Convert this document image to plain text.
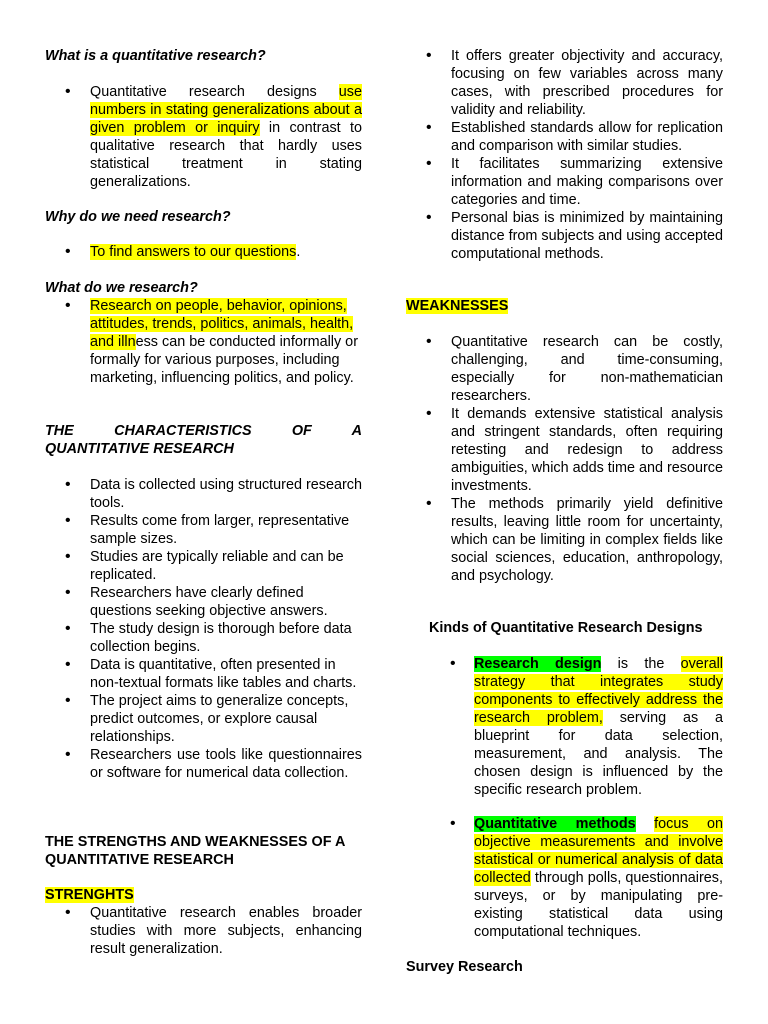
What is a quantitative research?

• Quantitative research designs use numbers in stating generalizations about a given problem or inquiry in contrast to qualitative research that hardly uses statistical treatment in stating generalizations.

Why do we need research?

• To find answers to our questions.

What do we research?

• Research on people, behavior, opinions, attitudes, trends, politics, animals, health, and illness can be conducted informally or formally for various purposes, including marketing, influencing politics, and policy.

THE CHARACTERISTICS OF A

QUANTITATIVE RESEARCH

• Data is collected using structured research tools.
• Results come from larger, representative sample sizes.
• Studies are typically reliable and can be replicated.
• Researchers have clearly defined questions seeking objective answers.
• The study design is thorough before data collection begins.
• Data is quantitative, often presented in non-textual formats like tables and charts.
• The project aims to generalize concepts, predict outcomes, or explore causal relationships.
• Researchers use tools like questionnaires or software for numerical data collection.

THE STRENGTHS AND WEAKNESSES OF A

QUANTITATIVE RESEARCH

STRENGHTS

• Quantitative research enables broader studies with more subjects, enhancing result generalization.
• It offers greater objectivity and accuracy, focusing on few variables across many cases, with prescribed procedures for validity and reliability.
• Established standards allow for replication and comparison with similar studies.
• It facilitates summarizing extensive information and making comparisons over categories and time.
• Personal bias is minimized by maintaining distance from subjects and using accepted computational methods.

WEAKNESSES

• Quantitative research can be costly, challenging, and time-consuming, especially for non-mathematician researchers.
• It demands extensive statistical analysis and stringent standards, often requiring retesting and redesign to address ambiguities, which adds time and resource investments.
• The methods primarily yield definitive results, leaving little room for uncertainty, which can be limiting in complex fields like social sciences, education, anthropology, and psychology.

Kinds of Quantitative Research Designs

• Research design is the overall strategy that integrates study components to effectively address the research problem, serving as a blueprint for data selection, measurement, and analysis. The chosen design is influenced by the specific research problem.
• Quantitative methods focus on objective measurements and involve statistical or numerical analysis of data collected through polls, questionnaires, surveys, or by manipulating pre-existing statistical data using computational techniques.

Survey Research
